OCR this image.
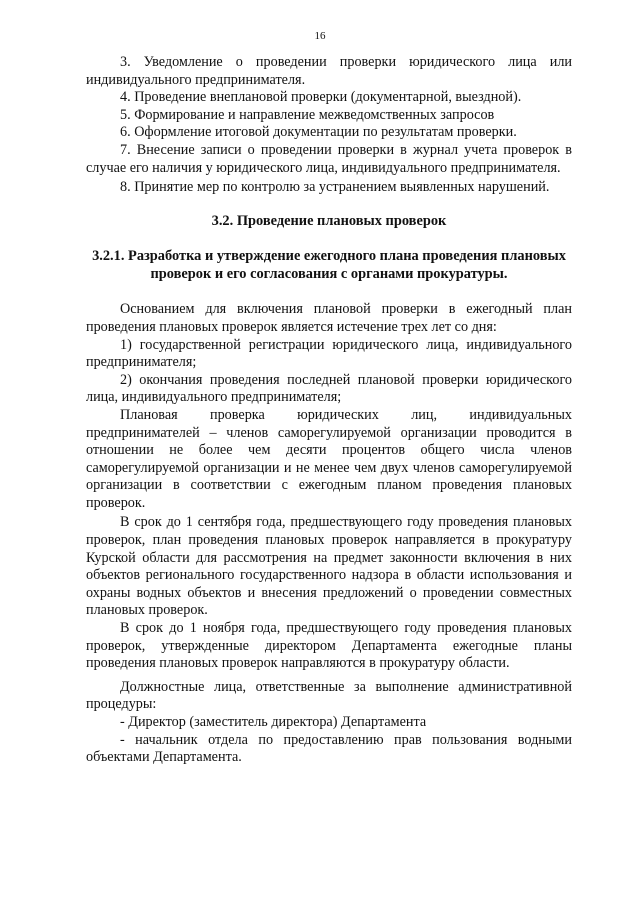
16

3. Уведомление о проведении проверки юридического лица или индивидуального предпринимателя.

4. Проведение внеплановой проверки (документарной, выездной).

5. Формирование и направление межведомственных запросов

6. Оформление итоговой документации по результатам проверки.

7. Внесение записи о проведении проверки в журнал учета проверок в случае его наличия у юридического лица, индивидуального предпринимателя.

8. Принятие мер по контролю за устранением выявленных нарушений.

3.2. Проведение плановых проверок

3.2.1. Разработка и утверждение ежегодного плана проведения плановых проверок и его согласования с органами прокуратуры.

Основанием для включения плановой проверки в ежегодный план проведения плановых проверок является истечение трех лет со дня:

1) государственной регистрации юридического лица, индивидуального предпринимателя;

2) окончания проведения последней плановой проверки юридического лица, индивидуального предпринимателя;

Плановая проверка юридических лиц, индивидуальных предпринимателей – членов саморегулируемой организации проводится в отношении не более чем десяти процентов общего числа членов саморегулируемой организации и не менее чем двух членов саморегулируемой организации в соответствии с ежегодным планом проведения плановых проверок.

В срок до 1 сентября года, предшествующего году проведения плановых проверок, план проведения плановых проверок направляется в прокуратуру Курской области для рассмотрения на предмет законности включения в них объектов регионального государственного надзора в области использования и охраны водных объектов и внесения предложений о проведении совместных плановых проверок.

В срок до 1 ноября года, предшествующего году проведения плановых проверок, утвержденные директором Департамента ежегодные планы проведения плановых проверок направляются в прокуратуру области.

Должностные лица, ответственные за выполнение административной процедуры:

- Директор (заместитель директора) Департамента

- начальник отдела по предоставлению прав пользования водными объектами Департамента.
